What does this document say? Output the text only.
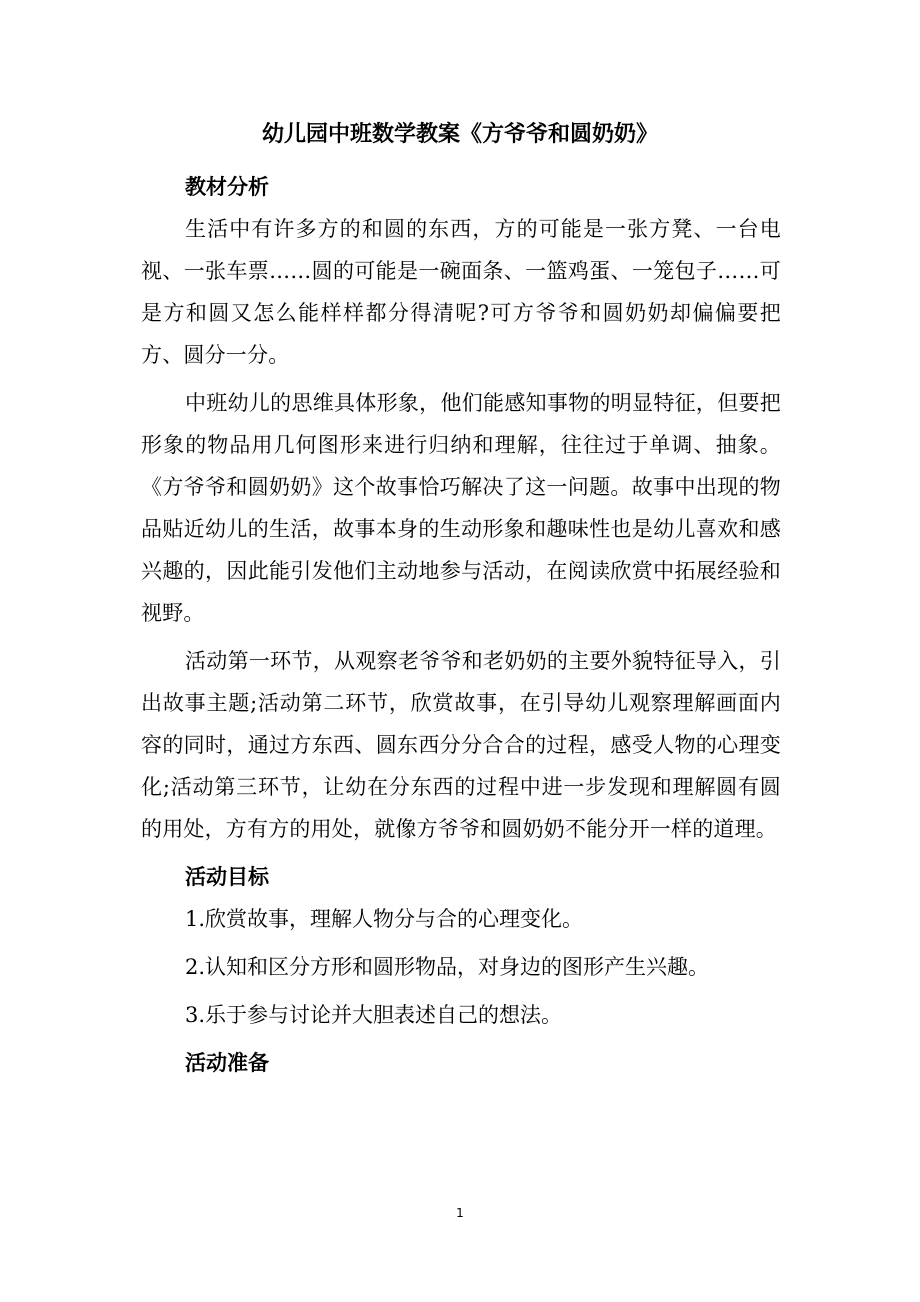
幼儿园中班数学教案《方爷爷和圆奶奶》
教材分析

生活中有许多方的和圆的东西，方的可能是一张方凳、一台电视、一张车票……圆的可能是一碗面条、一篮鸡蛋、一笼包子……可是方和圆又怎么能样样都分得清呢?可方爷爷和圆奶奶却偏偏要把方、圆分一分。

中班幼儿的思维具体形象，他们能感知事物的明显特征，但要把形象的物品用几何图形来进行归纳和理解，往往过于单调、抽象。《方爷爷和圆奶奶》这个故事恰巧解决了这一问题。故事中出现的物品贴近幼儿的生活，故事本身的生动形象和趣味性也是幼儿喜欢和感兴趣的，因此能引发他们主动地参与活动，在阅读欣赏中拓展经验和视野。

活动第一环节，从观察老爷爷和老奶奶的主要外貌特征导入，引出故事主题;活动第二环节，欣赏故事，在引导幼儿观察理解画面内容的同时，通过方东西、圆东西分分合合的过程，感受人物的心理变化;活动第三环节，让幼在分东西的过程中进一步发现和理解圆有圆的用处，方有方的用处，就像方爷爷和圆奶奶不能分开一样的道理。

活动目标
1.欣赏故事，理解人物分与合的心理变化。
2.认知和区分方形和圆形物品，对身边的图形产生兴趣。
3.乐于参与讨论并大胆表述自己的想法。
活动准备
1
